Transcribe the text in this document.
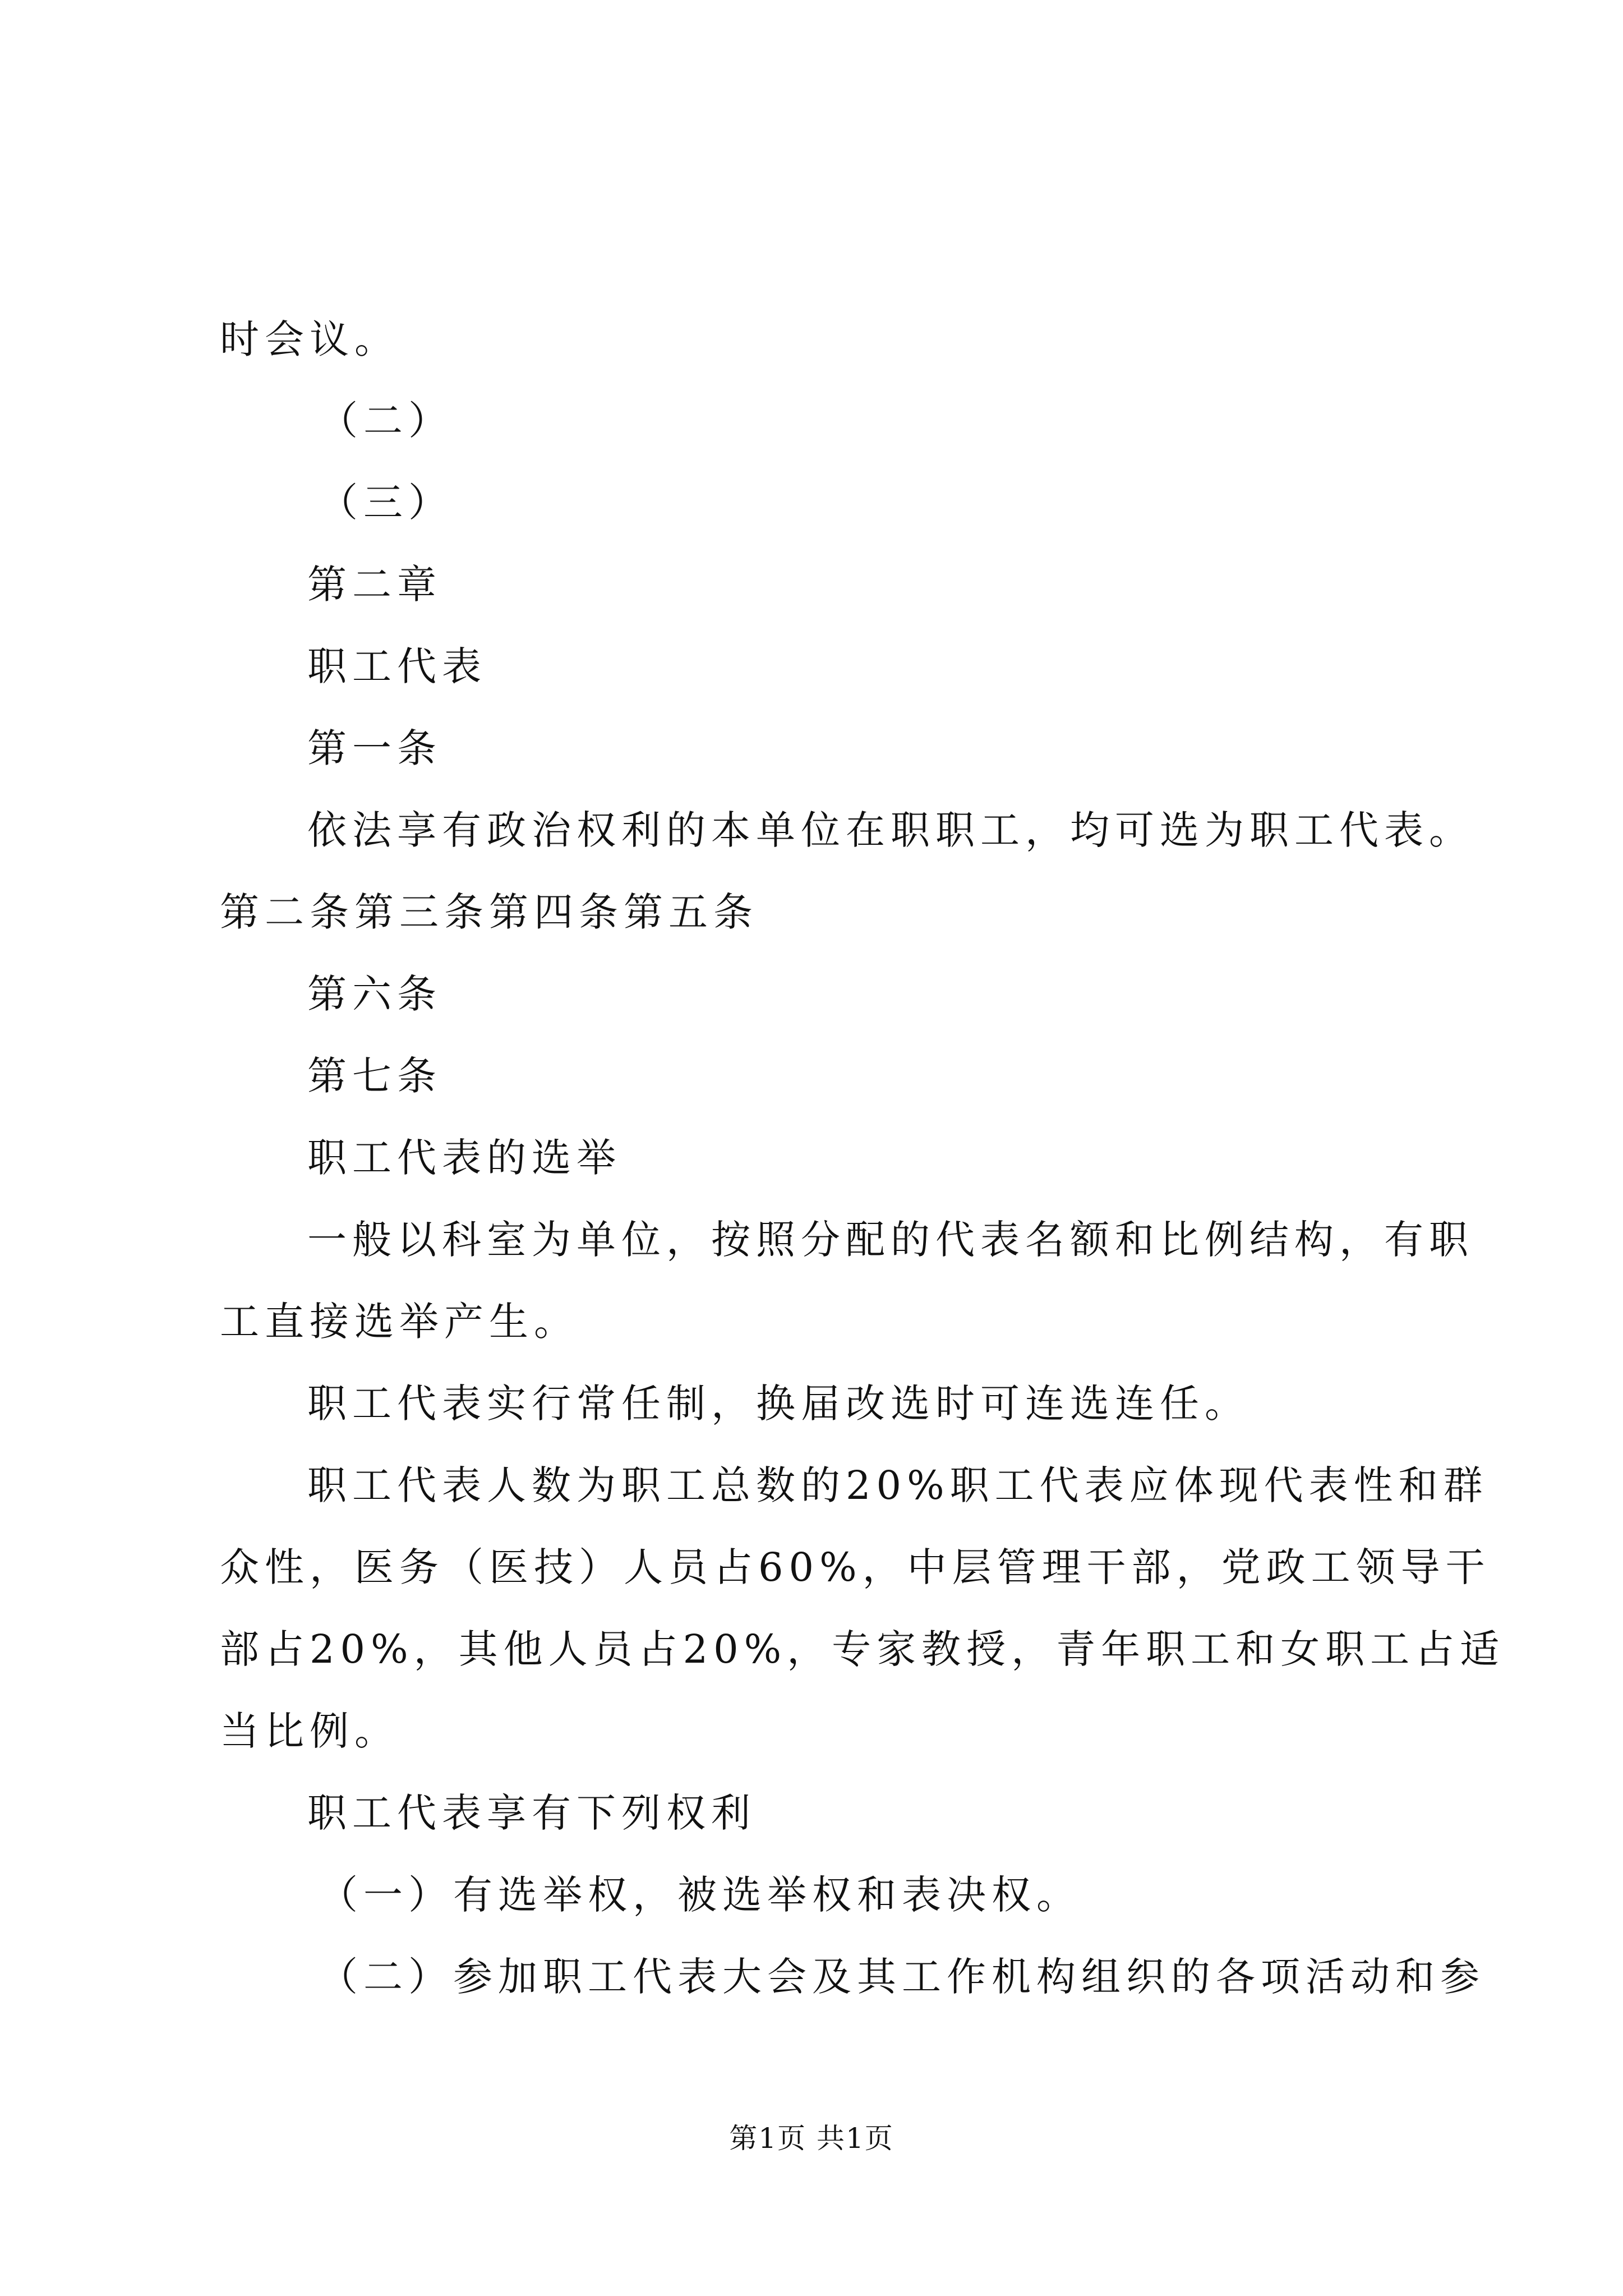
时会议。
（二）
（三）
第二章
职工代表
第一条
依法享有政治权利的本单位在职职工，均可选为职工代表。
第二条第三条第四条第五条
第六条
第七条
职工代表的选举
一般以科室为单位，按照分配的代表名额和比例结构，有职
工直接选举产生。
职工代表实行常任制，换届改选时可连选连任。
职工代表人数为职工总数的20%职工代表应体现代表性和群
众性，医务（医技）人员占60%，中层管理干部，党政工领导干
部占20%，其他人员占20%，专家教授，青年职工和女职工占适
当比例。
职工代表享有下列权利
（一）有选举权，被选举权和表决权。
（二）参加职工代表大会及其工作机构组织的各项活动和参
第1页 共1页
